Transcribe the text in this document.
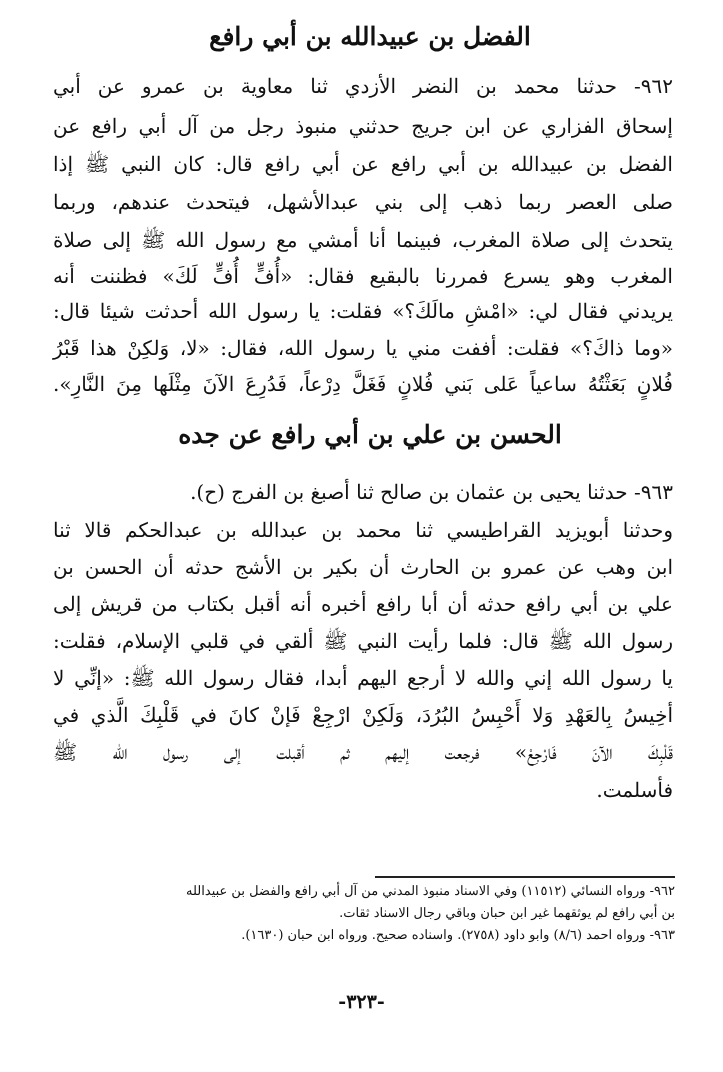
الفضل بن عبيدالله بن أبي رافع
٩٦٢- حدثنا محمد بن النضر الأزدي ثنا معاوية بن عمرو عن أبي
إسحاق الفزاري عن ابن جريج حدثني منبوذ رجل من آل أبي رافع عن
الفضل بن عبيدالله بن أبي رافع عن أبي رافع قال: كان النبي ﷺ إذا
صلى العصر ربما ذهب إلى بني عبدالأشهل، فيتحدث عندهم، وربما
يتحدث إلى صلاة المغرب، فبينما أنا أمشي مع رسول الله ﷺ إلى صلاة
المغرب وهو يسرع فمررنا بالبقيع فقال: «أُفٍّ أُفٍّ لَكَ» فظننت أنه
يريدني فقال لي: «امْشِ مالَكَ؟» فقلت: يا رسول الله أحدثت شيئا قال:
«وما ذاكَ؟» فقلت: أففت مني يا رسول الله، فقال: «لا، وَلكِنْ هذا قَبْرُ
فُلانٍ بَعَثْتُهُ ساعياً عَلى بَني فُلانٍ فَغَلَّ دِرْعاً، فَدُرِعَ الآنَ مِثْلَها مِنَ النَّارِ».
الحسن بن علي بن أبي رافع عن جده
٩٦٣- حدثنا يحيى بن عثمان بن صالح ثنا أصبغ بن الفرج (ح).
وحدثنا أبويزيد القراطيسي ثنا محمد بن عبدالله بن عبدالحكم قالا ثنا
ابن وهب عن عمرو بن الحارث أن بكير بن الأشج حدثه أن الحسن بن
علي بن أبي رافع حدثه أن أبا رافع أخبره أنه أقبل بكتاب من قريش إلى
رسول الله ﷺ قال: فلما رأيت النبي ﷺ ألقي في قلبي الإسلام، فقلت:
يا رسول الله إني والله لا أرجع اليهم أبدا، فقال رسول الله ﷺ: «إنِّي لا
أخِيسُ بِالعَهْدِ وَلا أَحْبِسُ البُرُدَ، وَلَكِنْ ارْجِعْ فَإنْ كانَ في قَلْبِكَ الَّذي في
قَلْبِكَ الآنَ فَارْجِعْ» فرجعت إليهم ثم أقبلت إلى رسول الله ﷺ
فأسلمت.
٩٦٢- ورواه النسائي (١١٥١٢) وفي الاسناد منبوذ المدني من آل أبي رافع والفضل بن عبيدالله
بن أبي رافع لم يوثقهما غير ابن حبان وباقي رجال الاسناد ثقات.
٩٦٣- ورواه احمد (٨/٦) وابو داود (٢٧٥٨). واسناده صحيح. ورواه ابن حبان (١٦٣٠).
-٣٢٣-
